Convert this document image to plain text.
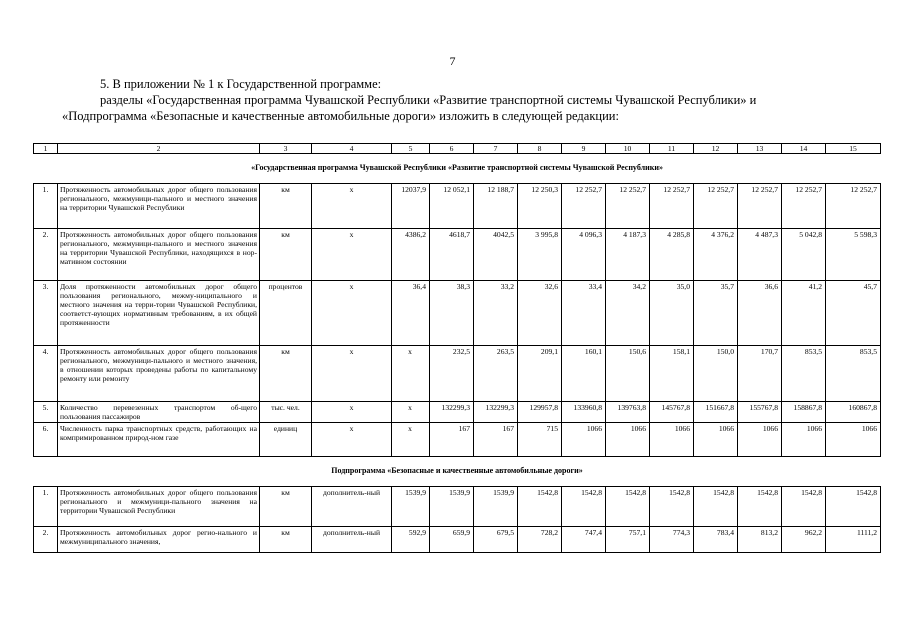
7
5. В приложении № 1 к Государственной программе:
разделы «Государственная программа Чувашской Республики «Развитие транспортной системы Чувашской Республики» и
«Подпрограмма «Безопасные и качественные автомобильные дороги» изложить в следующей редакции:
1	2	3	4	5	6	7	8	9	10	11	12	13	14	15
«Государственная программа Чувашской Республики «Развитие транспортной системы Чувашской Республики»														
1.	Протяженность автомобильных дорог общего пользования регионального, межмуници-пального и местного значения на территории Чувашской Республики	км	х	12037,9	12 052,1	12 188,7	12 250,3	12 252,7	12 252,7	12 252,7	12 252,7	12 252,7	12 252,7	12 252,7
2.	Протяженность автомобильных дорог общего пользования регионального, межмуници-пального и местного значения на территории Чувашской Республики, находящихся в нор-мативном состоянии	км	х	4386,2	4618,7	4042,5	3 995,8	4 096,3	4 187,3	4 285,8	4 376,2	4 487,3	5 042,8	5 598,3
3.	Доля протяженности автомобильных дорог общего пользования регионального, межму-ниципального и местного значения на терри-тории Чувашской Республики, соответст-вующих нормативным требованиям, в их общей протяженности	процентов	х	36,4	38,3	33,2	32,6	33,4	34,2	35,0	35,7	36,6	41,2	45,7
4.	Протяженность автомобильных дорог общего пользования регионального, межмуници-пального и местного значения, в отношении которых проведены работы по капитальному ремонту или ремонту	км	х	х	232,5	263,5	209,1	160,1	150,6	158,1	150,0	170,7	853,5	853,5
5.	Количество перевезенных транспортом об-щего пользования пассажиров	тыс. чел.	х	х	132299,3	132299,3	129957,8	133960,8	139763,8	145767,8	151667,8	155767,8	158867,8	160867,8
6.	Численность парка транспортных средств, работающих на компримированном природ-ном газе	единиц	х	х	167	167	715	1066	1066	1066	1066	1066	1066	1066
Подпрограмма «Безопасные и качественные автомобильные дороги»														
1.	Протяженность автомобильных дорог общего пользования регионального и межмуници-пального значения на территории Чувашской Республики	км	дополнитель-ный	1539,9	1539,9	1539,9	1542,8	1542,8	1542,8	1542,8	1542,8	1542,8	1542,8	1542,8
2.	Протяженность автомобильных дорог регио-нального и межмуниципального значения,	км	дополнитель-ный	592,9	659,9	679,5	728,2	747,4	757,1	774,3	783,4	813,2	962,2	1111,2
